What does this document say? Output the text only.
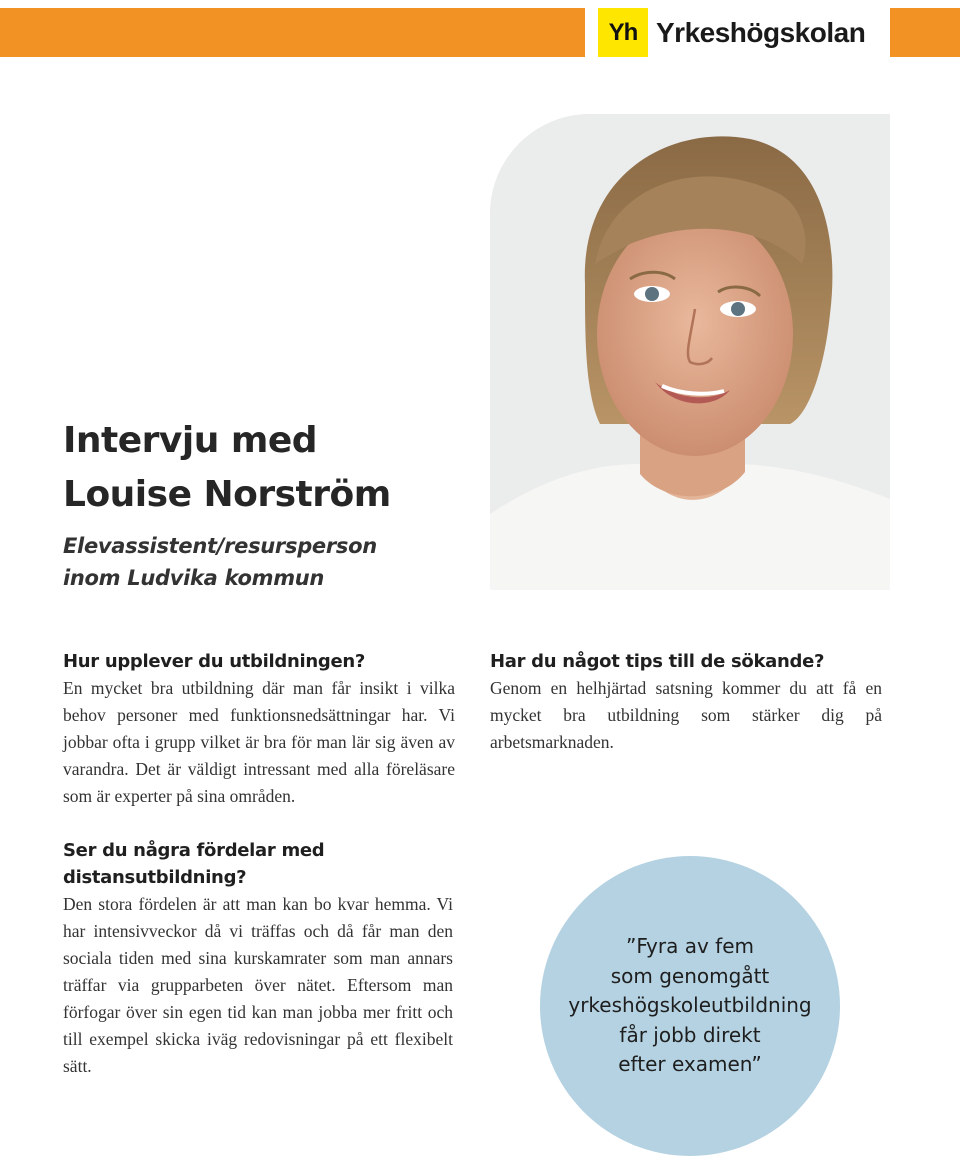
Yh Yrkeshögskolan
Intervju med
Louise Norström
Elevassistent/resursperson
inom Ludvika kommun
Hur upplever du utbildningen?

En mycket bra utbildning där man får insikt i vilka behov personer med funktionsnedsättningar har. Vi jobbar ofta i grupp vilket är bra för man lär sig även av varandra. Det är väldigt intressant med alla föreläsare som är experter på sina områden.

Har du något tips till de sökande?

Genom en helhjärtad satsning kommer du att få en mycket bra utbildning som stärker dig på arbetsmarknaden.

Ser du några fördelar med
distansutbildning?

Den stora fördelen är att man kan bo kvar hemma. Vi har intensivveckor då vi träffas och då får man den sociala tiden med sina kurskamrater som man annars träffar via grupparbeten över nätet. Eftersom man förfogar över sin egen tid kan man jobba mer fritt och till exempel skicka iväg redovisningar på ett flexibelt sätt.

”Fyra av fem
som genomgått
yrkeshögskoleutbildning
får jobb direkt
efter examen”
